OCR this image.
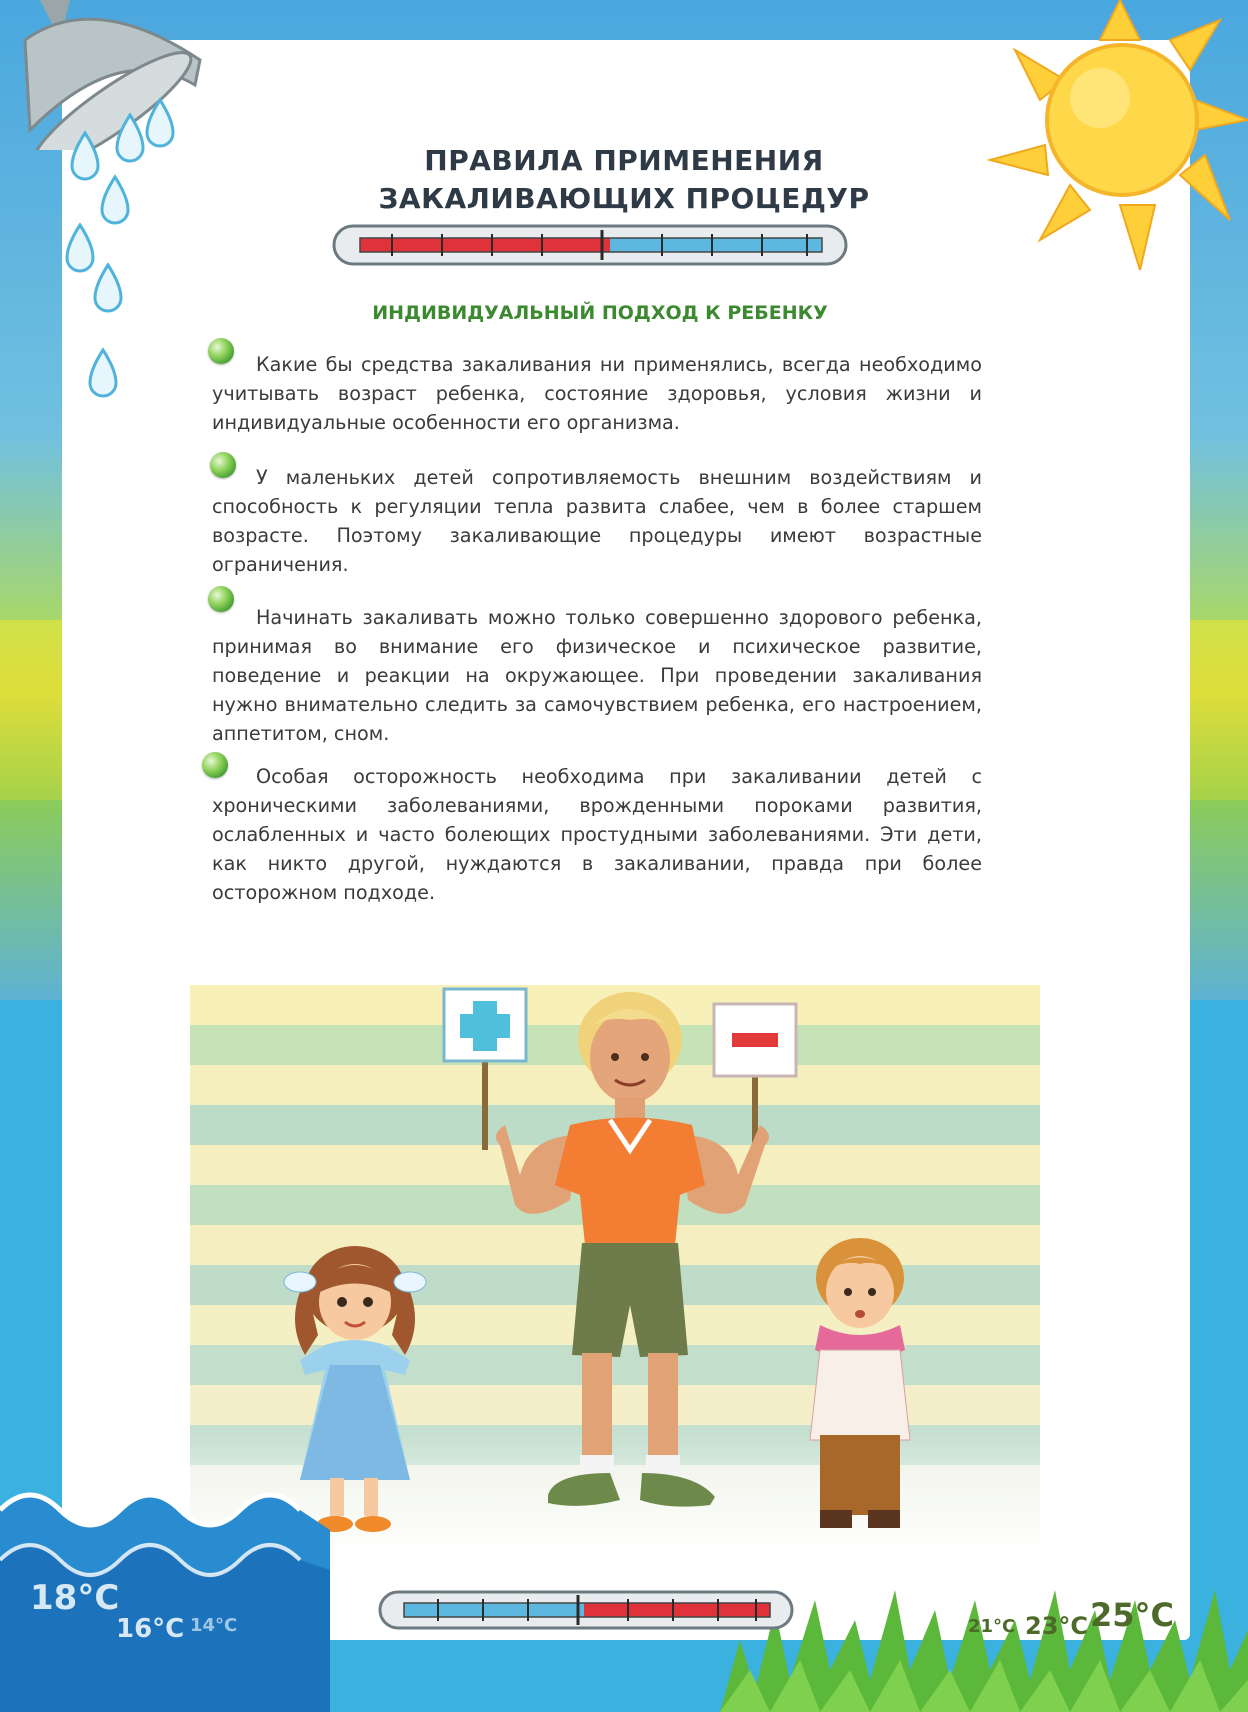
ПРАВИЛА ПРИМЕНЕНИЯ
ЗАКАЛИВАЮЩИХ ПРОЦЕДУР
ИНДИВИДУАЛЬНЫЙ ПОДХОД К РЕБЕНКУ

Какие бы средства закаливания ни применялись, всегда необходимо учитывать возраст ребенка, состояние здоровья, условия жизни и индивидуальные особенности его организма.

У маленьких детей сопротивляемость внешним воздействиям и способность к регуляции тепла развита слабее, чем в более старшем возрасте. Поэтому закаливающие процедуры имеют возрастные ограничения.

Начинать закаливать можно только совершенно здорового ребенка, принимая во внимание его физическое и психическое развитие, поведение и реакции на окружающее. При проведении закаливания нужно внимательно следить за самочувствием ребенка, его настроением, аппетитом, сном.

Особая осторожность необходима при закаливании детей с хроническими заболеваниями, врожденными пороками развития, ослабленных и часто болеющих простудными заболеваниями. Эти дети, как никто другой, нуждаются в закаливании, правда при более осторожном подходе.

18°C
16°C 14°C	21°C 23°C 25°C
